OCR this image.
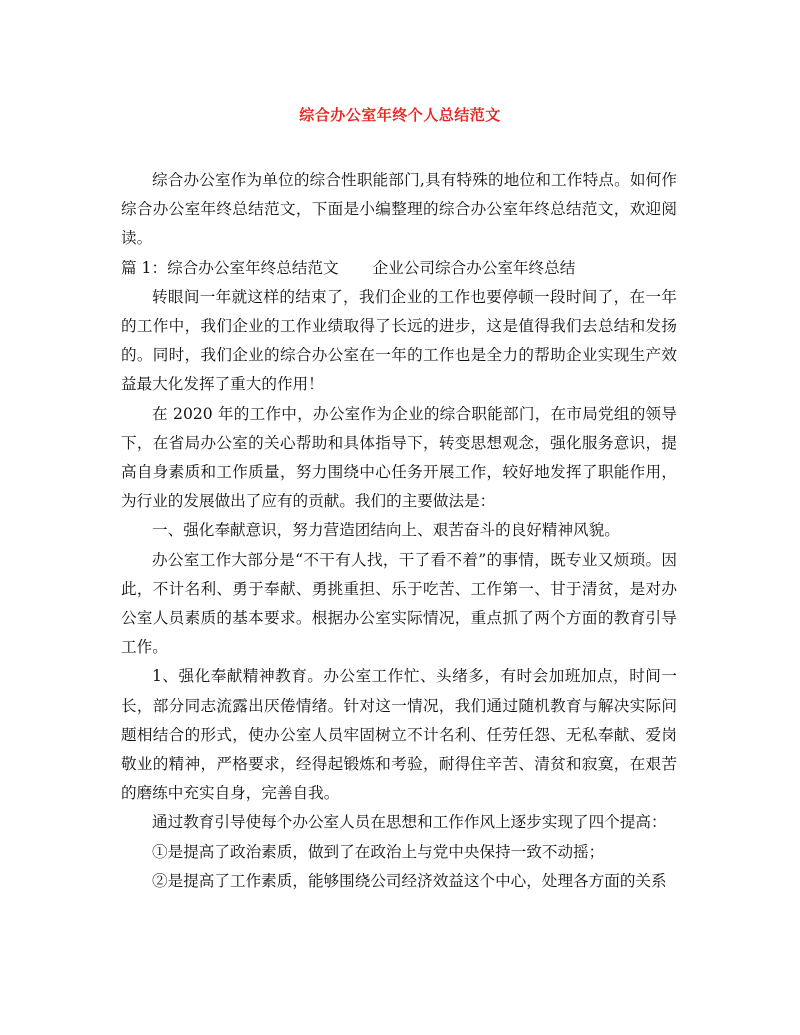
综合办公室年终个人总结范文

综合办公室作为单位的综合性职能部门,具有特殊的地位和工作特点。如何作综合办公室年终总结范文，下面是小编整理的综合办公室年终总结范文，欢迎阅读。

篇 1：综合办公室年终总结范文 企业公司综合办公室年终总结

转眼间一年就这样的结束了，我们企业的工作也要停顿一段时间了，在一年的工作中，我们企业的工作业绩取得了长远的进步，这是值得我们去总结和发扬的。同时，我们企业的综合办公室在一年的工作也是全力的帮助企业实现生产效益最大化发挥了重大的作用！

在 2020 年的工作中，办公室作为企业的综合职能部门，在市局党组的领导下，在省局办公室的关心帮助和具体指导下，转变思想观念，强化服务意识，提高自身素质和工作质量，努力围绕中心任务开展工作，较好地发挥了职能作用，为行业的发展做出了应有的贡献。我们的主要做法是：

一、强化奉献意识，努力营造团结向上、艰苦奋斗的良好精神风貌。

办公室工作大部分是“不干有人找，干了看不着”的事情，既专业又烦琐。因此，不计名利、勇于奉献、勇挑重担、乐于吃苦、工作第一、甘于清贫，是对办公室人员素质的基本要求。根据办公室实际情况，重点抓了两个方面的教育引导工作。

1、强化奉献精神教育。办公室工作忙、头绪多，有时会加班加点，时间一长，部分同志流露出厌倦情绪。针对这一情况，我们通过随机教育与解决实际问题相结合的形式，使办公室人员牢固树立不计名利、任劳任怨、无私奉献、爱岗敬业的精神，严格要求，经得起锻炼和考验，耐得住辛苦、清贫和寂寞，在艰苦的磨练中充实自身，完善自我。

通过教育引导使每个办公室人员在思想和工作作风上逐步实现了四个提高：

①是提高了政治素质，做到了在政治上与党中央保持一致不动摇；

②是提高了工作素质，能够围绕公司经济效益这个中心，处理各方面的关系
